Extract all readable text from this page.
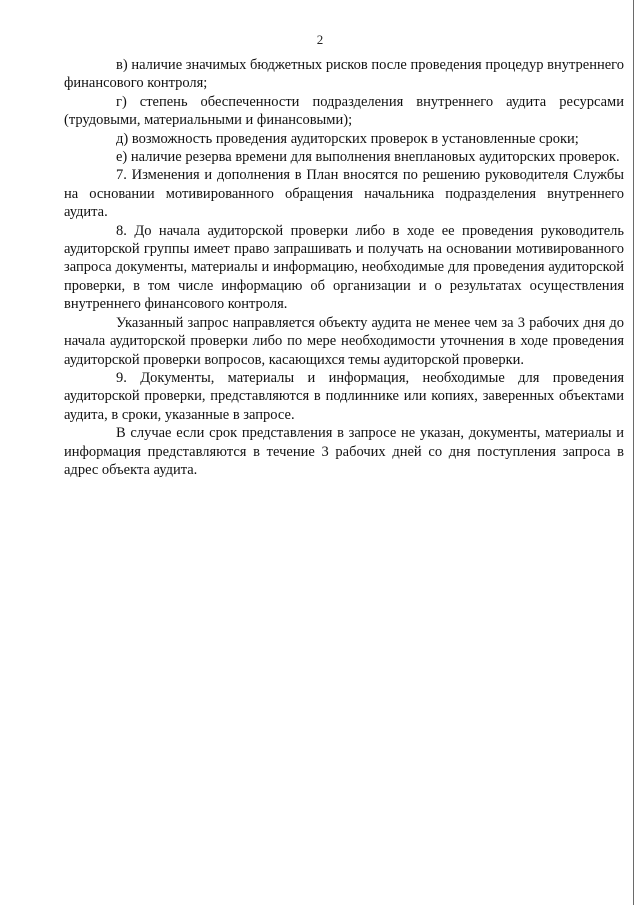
2

в) наличие значимых бюджетных рисков после проведения процедур внутреннего финансового контроля;

г) степень обеспеченности подразделения внутреннего аудита ресурсами (трудовыми, материальными и финансовыми);

д) возможность проведения аудиторских проверок в установленные сроки;

е) наличие резерва времени для выполнения внеплановых аудиторских проверок.

7. Изменения и дополнения в План вносятся по решению руководителя Службы на основании мотивированного обращения начальника подразделения внутреннего аудита.

8. До начала аудиторской проверки либо в ходе ее проведения руководитель аудиторской группы имеет право запрашивать и получать на основании мотивированного запроса документы, материалы и информацию, необходимые для проведения аудиторской проверки, в том числе информацию об организации и о результатах осуществления внутреннего финансового контроля.

Указанный запрос направляется объекту аудита не менее чем за 3 рабочих дня до начала аудиторской проверки либо по мере необходимости уточнения в ходе проведения аудиторской проверки вопросов, касающихся темы аудиторской проверки.

9. Документы, материалы и информация, необходимые для проведения аудиторской проверки, представляются в подлиннике или копиях, заверенных объектами аудита, в сроки, указанные в запросе.

В случае если срок представления в запросе не указан, документы, материалы и информация представляются в течение 3 рабочих дней со дня поступления запроса в адрес объекта аудита.
